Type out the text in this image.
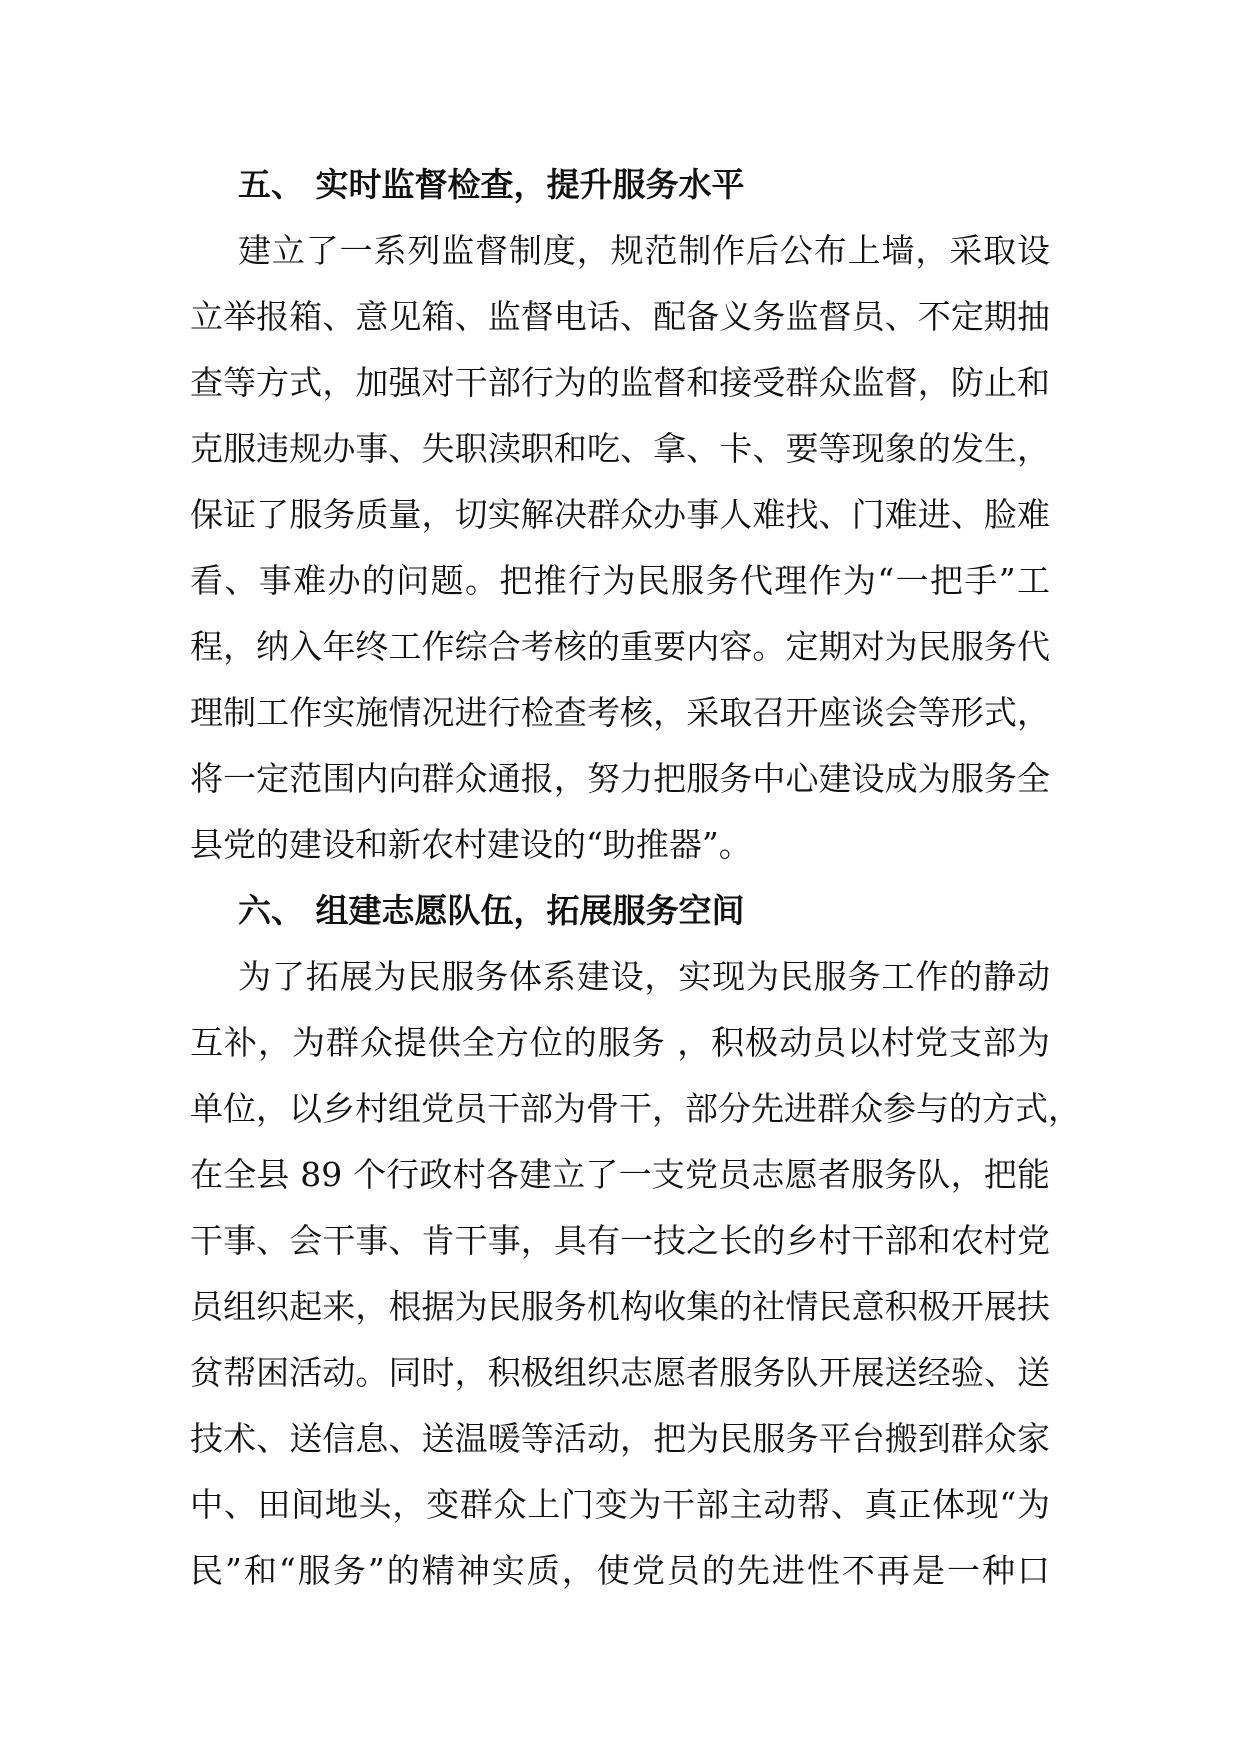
五、 实时监督检查，提升服务水平
建立了一系列监督制度，规范制作后公布上墙，采取设
立举报箱、意见箱、监督电话、配备义务监督员、不定期抽
查等方式，加强对干部行为的监督和接受群众监督，防止和
克服违规办事、失职渎职和吃、拿、卡、要等现象的发生，
保证了服务质量，切实解决群众办事人难找、门难进、脸难
看、事难办的问题。把推行为民服务代理作为“一把手”工
程，纳入年终工作综合考核的重要内容。定期对为民服务代
理制工作实施情况进行检查考核，采取召开座谈会等形式，
将一定范围内向群众通报，努力把服务中心建设成为服务全
县党的建设和新农村建设的“助推器”。
六、 组建志愿队伍，拓展服务空间
为了拓展为民服务体系建设，实现为民服务工作的静动
互补，为群众提供全方位的服务 ，积极动员以村党支部为
单位，以乡村组党员干部为骨干，部分先进群众参与的方式，
在全县 89 个行政村各建立了一支党员志愿者服务队，把能
干事、会干事、肯干事，具有一技之长的乡村干部和农村党
员组织起来，根据为民服务机构收集的社情民意积极开展扶
贫帮困活动。同时，积极组织志愿者服务队开展送经验、送
技术、送信息、送温暖等活动，把为民服务平台搬到群众家
中、田间地头，变群众上门变为干部主动帮、真正体现“为
民”和“服务”的精神实质，使党员的先进性不再是一种口
